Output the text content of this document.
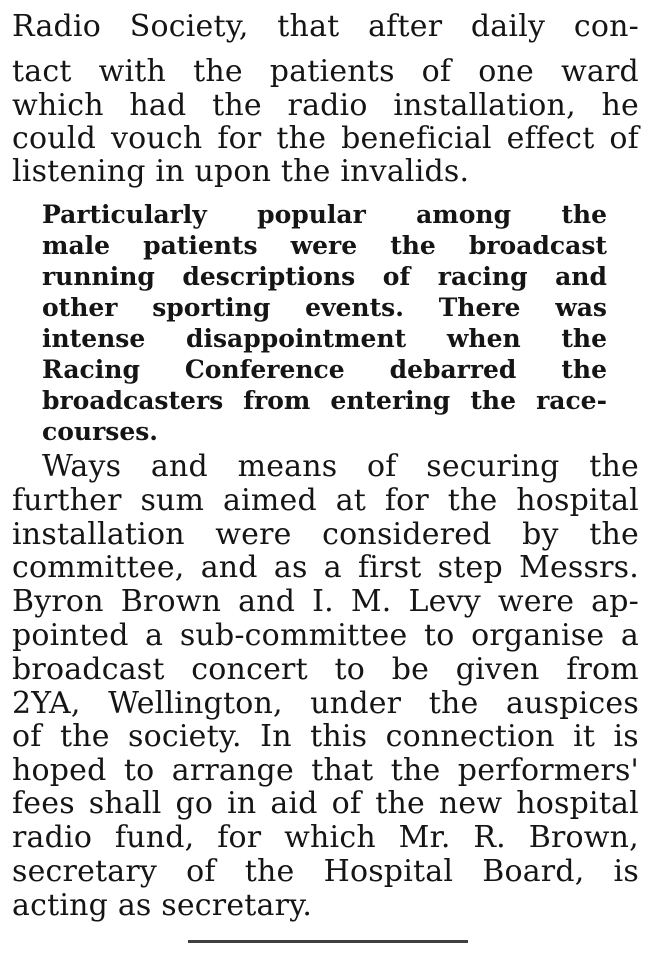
Radio Society, that after daily con-
tact with the patients of one ward
which had the radio installation, he
could vouch for the beneficial effect of
listening in upon the invalids.
Particularly popular among the
male patients were the broadcast
running descriptions of racing and
other sporting events. There was
intense disappointment when the
Racing Conference debarred the
broadcasters from entering the race-
courses.
Ways and means of securing the
further sum aimed at for the hospital
installation were considered by the
committee, and as a first step Messrs.
Byron Brown and I. M. Levy were ap-
pointed a sub-committee to organise a
broadcast concert to be given from
2YA, Wellington, under the auspices
of the society. In this connection it is
hoped to arrange that the performers'
fees shall go in aid of the new hospital
radio fund, for which Mr. R. Brown,
secretary of the Hospital Board, is
acting as secretary.
